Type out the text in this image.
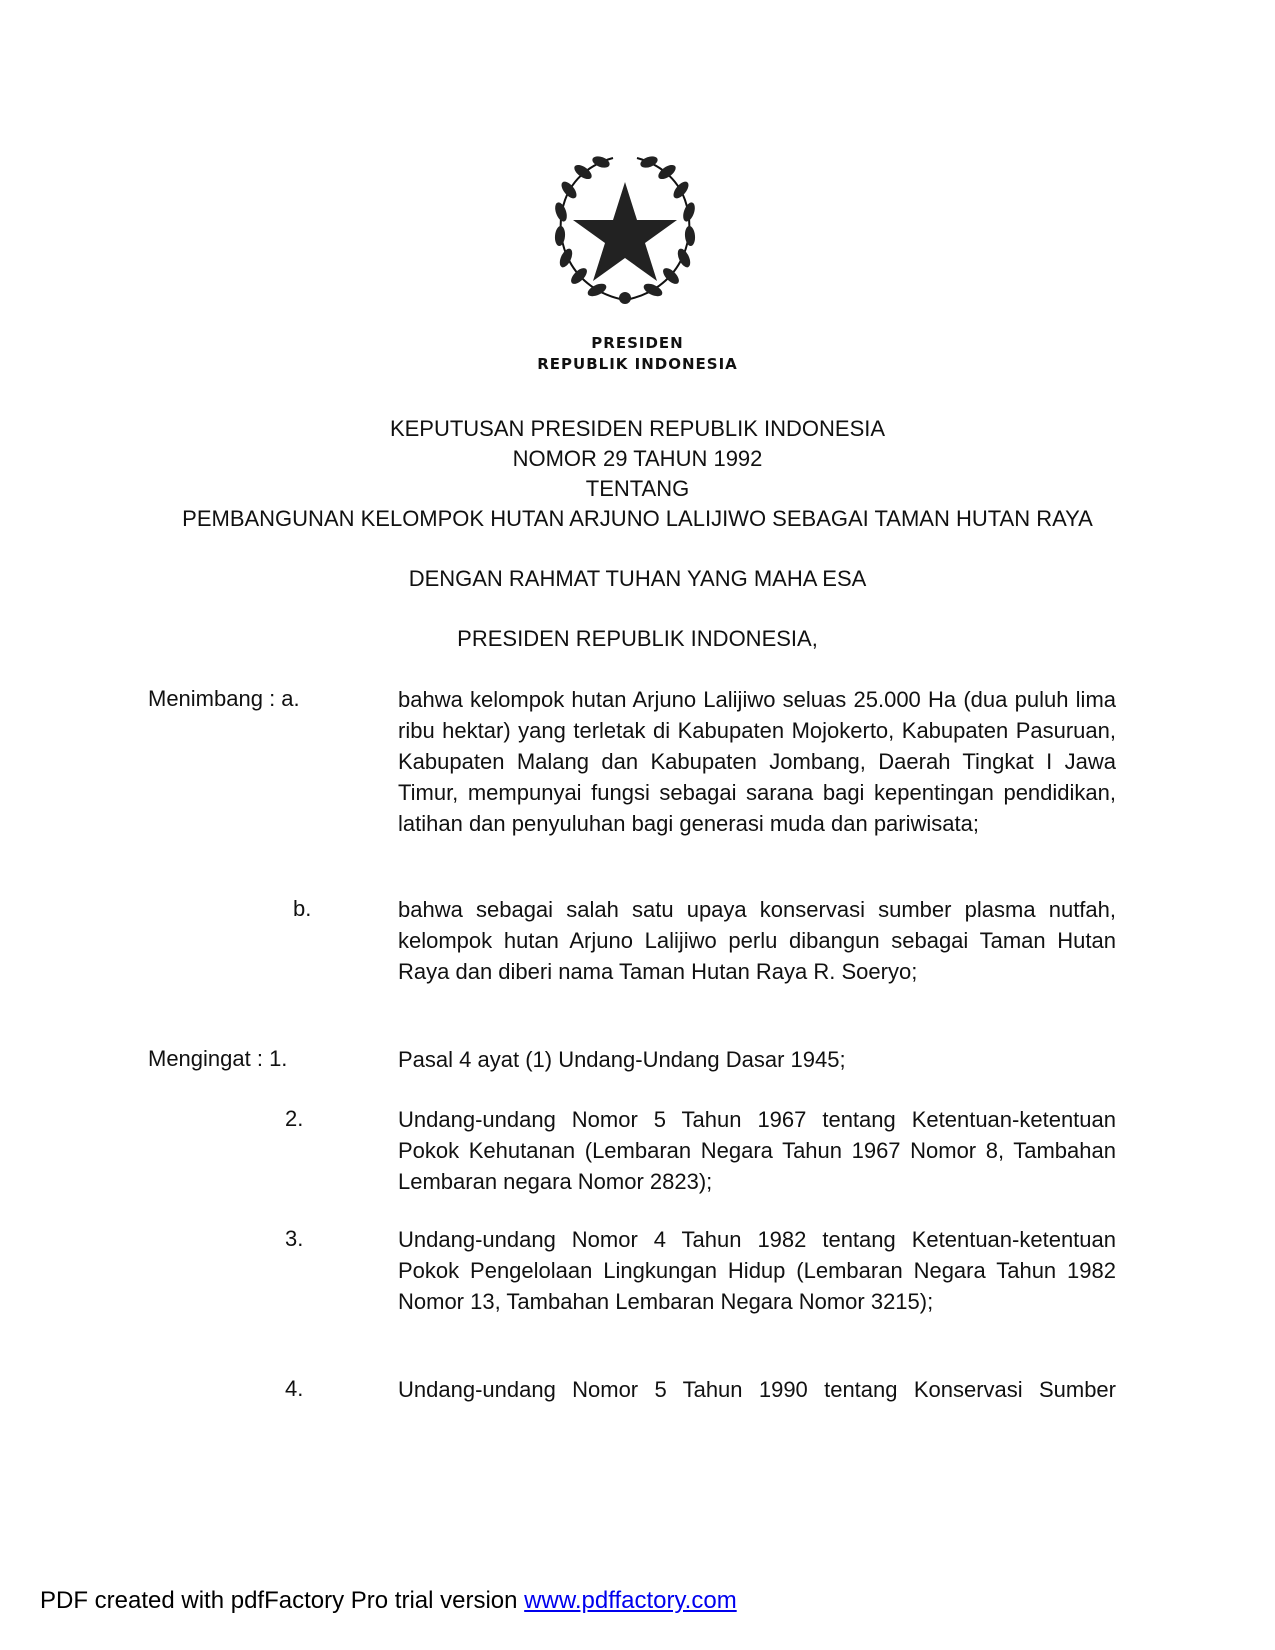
PRESIDEN
REPUBLIK INDONESIA
KEPUTUSAN PRESIDEN REPUBLIK INDONESIA
NOMOR 29 TAHUN 1992
TENTANG
PEMBANGUNAN KELOMPOK HUTAN ARJUNO LALIJIWO SEBAGAI TAMAN HUTAN RAYA
DENGAN RAHMAT TUHAN YANG MAHA ESA
PRESIDEN REPUBLIK INDONESIA,
Menimbang : a.	bahwa kelompok hutan Arjuno Lalijiwo seluas 25.000 Ha (dua puluh lima ribu hektar) yang terletak di Kabupaten Mojokerto, Kabupaten Pasuruan, Kabupaten Malang dan Kabupaten Jombang, Daerah Tingkat I Jawa Timur, mempunyai fungsi sebagai sarana bagi kepentingan pendidikan, latihan dan penyuluhan bagi generasi muda dan pariwisata;
b.	bahwa sebagai salah satu upaya konservasi sumber plasma nutfah, kelompok hutan Arjuno Lalijiwo perlu dibangun sebagai Taman Hutan Raya dan diberi nama Taman Hutan Raya R. Soeryo;
Mengingat : 1.	Pasal 4 ayat (1) Undang-Undang Dasar 1945;
2.	Undang-undang Nomor 5 Tahun 1967 tentang Ketentuan-ketentuan Pokok Kehutanan (Lembaran Negara Tahun 1967 Nomor 8, Tambahan Lembaran negara Nomor 2823);
3.	Undang-undang Nomor 4 Tahun 1982 tentang Ketentuan-ketentuan Pokok Pengelolaan Lingkungan Hidup (Lembaran Negara Tahun 1982 Nomor 13, Tambahan Lembaran Negara Nomor 3215);
4.	Undang-undang Nomor 5 Tahun 1990 tentang Konservasi Sumber
PDF created with pdfFactory Pro trial version www.pdffactory.com
